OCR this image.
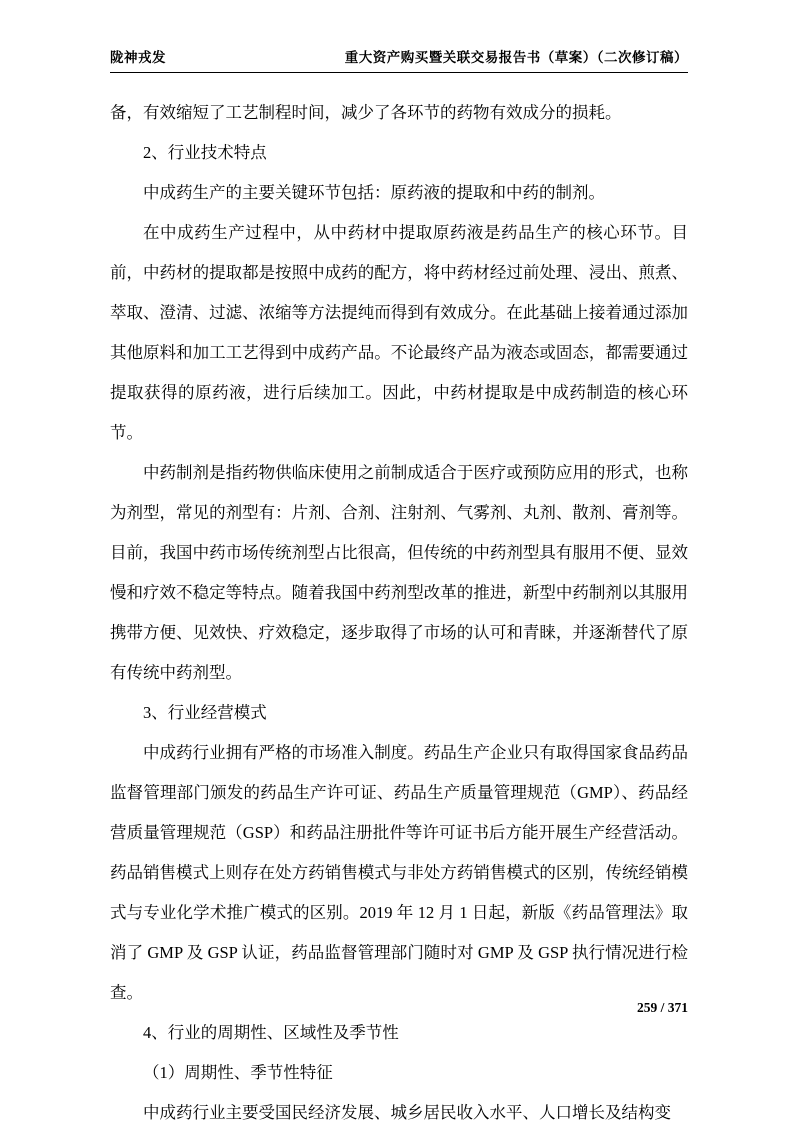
陇神戎发	重大资产购买暨关联交易报告书（草案）（二次修订稿）

备，有效缩短了工艺制程时间，减少了各环节的药物有效成分的损耗。

2、行业技术特点

中成药生产的主要关键环节包括：原药液的提取和中药的制剂。

在中成药生产过程中，从中药材中提取原药液是药品生产的核心环节。目前，中药材的提取都是按照中成药的配方，将中药材经过前处理、浸出、煎煮、萃取、澄清、过滤、浓缩等方法提纯而得到有效成分。在此基础上接着通过添加其他原料和加工工艺得到中成药产品。不论最终产品为液态或固态，都需要通过提取获得的原药液，进行后续加工。因此，中药材提取是中成药制造的核心环节。

中药制剂是指药物供临床使用之前制成适合于医疗或预防应用的形式，也称为剂型，常见的剂型有：片剂、合剂、注射剂、气雾剂、丸剂、散剂、膏剂等。目前，我国中药市场传统剂型占比很高，但传统的中药剂型具有服用不便、显效慢和疗效不稳定等特点。随着我国中药剂型改革的推进，新型中药制剂以其服用携带方便、见效快、疗效稳定，逐步取得了市场的认可和青睐，并逐渐替代了原有传统中药剂型。

3、行业经营模式

中成药行业拥有严格的市场准入制度。药品生产企业只有取得国家食品药品监督管理部门颁发的药品生产许可证、药品生产质量管理规范（GMP）、药品经营质量管理规范（GSP）和药品注册批件等许可证书后方能开展生产经营活动。药品销售模式上则存在处方药销售模式与非处方药销售模式的区别，传统经销模式与专业化学术推广模式的区别。2019 年 12 月 1 日起，新版《药品管理法》取消了 GMP 及 GSP 认证，药品监督管理部门随时对 GMP 及 GSP 执行情况进行检查。

4、行业的周期性、区域性及季节性

（1）周期性、季节性特征

中成药行业主要受国民经济发展、城乡居民收入水平、人口增长及结构变

259 / 371
